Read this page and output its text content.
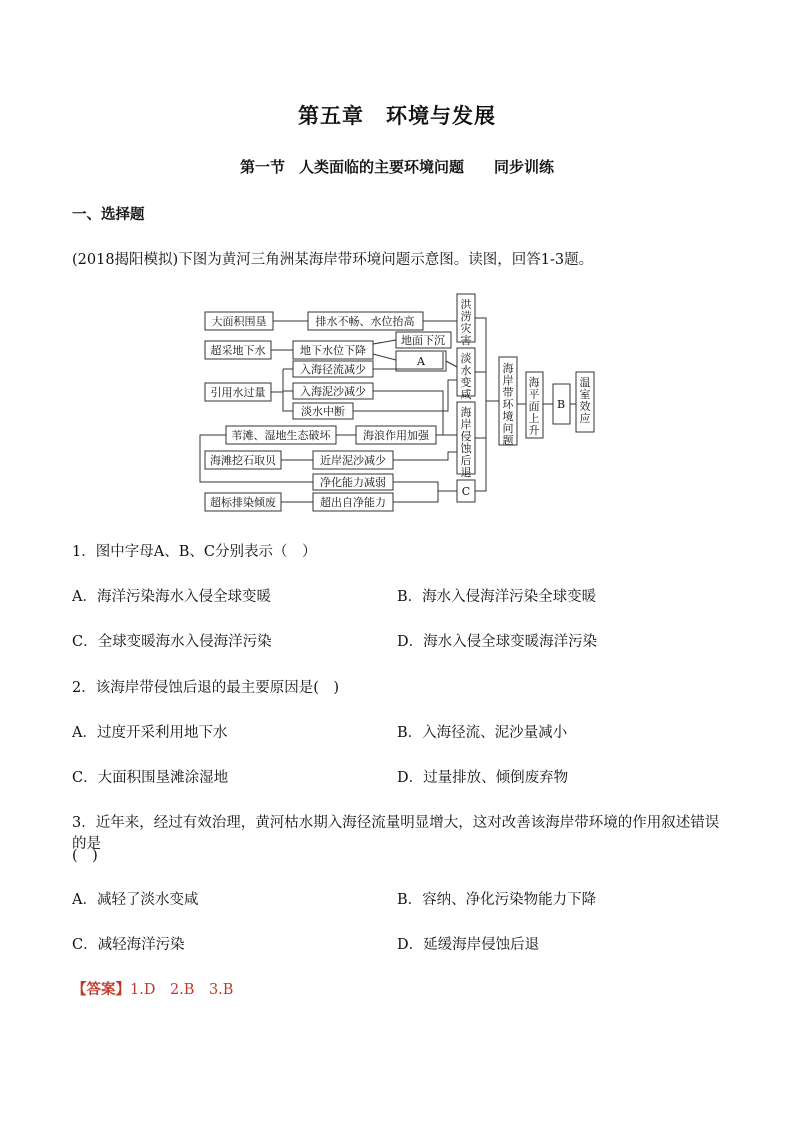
第五章　环境与发展
第一节 人类面临的主要环境问题 同步训练
一、选择题
(2018揭阳模拟)下图为黄河三角洲某海岸带环境问题示意图。读图，回答1-3题。
大面积围垦
超采地下水
引用水过量
苇滩、湿地生态破坏
海滩挖石取贝
超标排染倾废
排水不畅、水位抬高
地下水位下降
地面下沉
A
入海径流减少
入海泥沙减少
淡水中断
海浪作用加强
近岸泥沙减少
净化能力减弱
超出自净能力
洪涝灾害
淡水变咸
海岸侵蚀后退
C
海岸带环境问题
海平面上升
B
温室效应
1．图中字母A、B、C分别表示（　）
A．海洋污染海水入侵全球变暖	B．海水入侵海洋污染全球变暖
C．全球变暖海水入侵海洋污染	D．海水入侵全球变暖海洋污染
2．该海岸带侵蚀后退的最主要原因是(　)
A．过度开采利用地下水	B．入海径流、泥沙量减小
C．大面积围垦滩涂湿地	D．过量排放、倾倒废弃物
3．近年来，经过有效治理，黄河枯水期入海径流量明显增大，这对改善该海岸带环境的作用叙述错误的是
(　)
A．减轻了淡水变咸	B．容纳、净化污染物能力下降
C．减轻海洋污染	D．延缓海岸侵蚀后退
【答案】1.D　2.B　3.B
